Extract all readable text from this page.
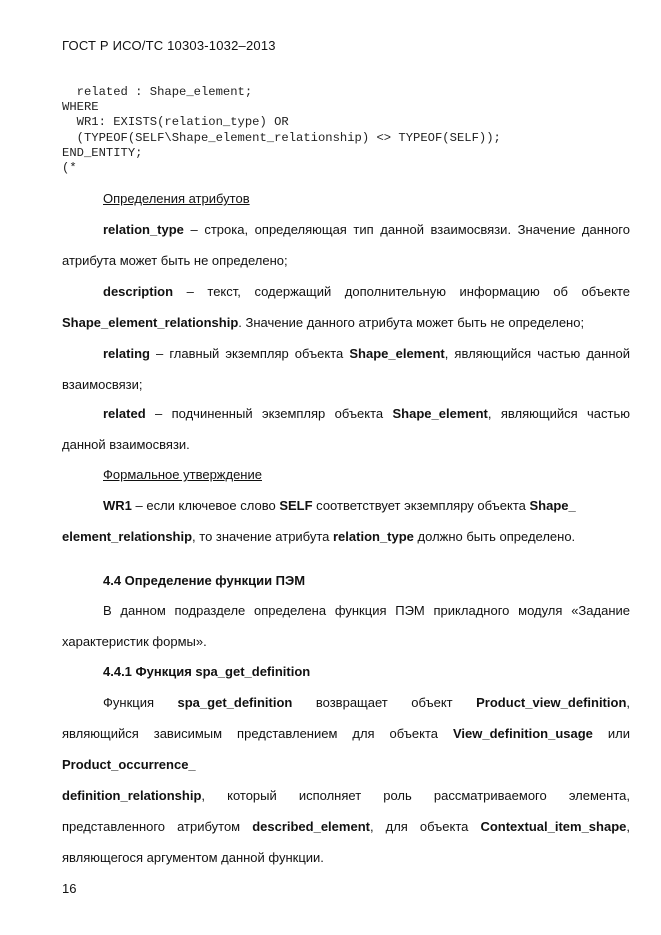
ГОСТ Р ИСО/ТС 10303-1032–2013
related : Shape_element;
WHERE
WR1: EXISTS(relation_type) OR
(TYPEOF(SELF\Shape_element_relationship) <> TYPEOF(SELF));
END_ENTITY;
(*
Определения атрибутов
relation_type – строка, определяющая тип данной взаимосвязи. Значение данного атрибута может быть не определено;
description – текст, содержащий дополнительную информацию об объекте Shape_element_relationship. Значение данного атрибута может быть не определено;
relating – главный экземпляр объекта Shape_element, являющийся частью данной взаимосвязи;
related – подчиненный экземпляр объекта Shape_element, являющийся частью данной взаимосвязи.
Формальное утверждение
WR1 – если ключевое слово SELF соответствует экземпляру объекта Shape_
element_relationship, то значение атрибута relation_type должно быть определено.
4.4 Определение функции ПЭМ
В данном подразделе определена функция ПЭМ прикладного модуля «Задание характеристик формы».
4.4.1 Функция spa_get_definition
Функция spa_get_definition возвращает объект Product_view_definition, являющийся зависимым представлением для объекта View_definition_usage или Product_occurrence_
definition_relationship, который исполняет роль рассматриваемого элемента, представленного атрибутом described_element, для объекта Contextual_item_shape, являющегося аргументом данной функции.
16
